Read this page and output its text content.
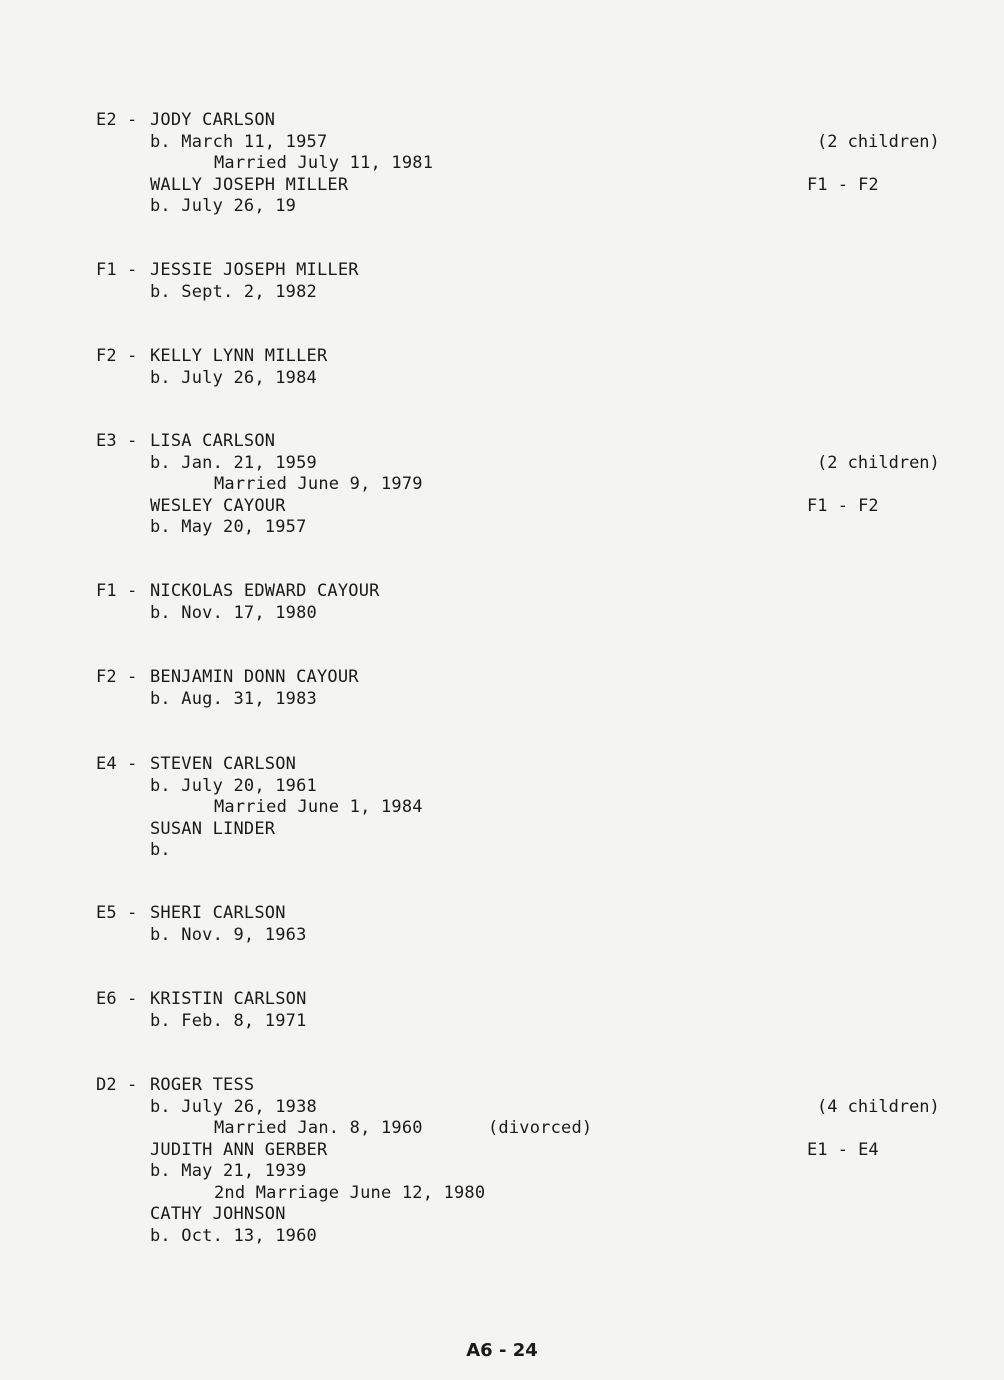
E2 - JODY CARLSON
b. March 11, 1957
Married July 11, 1981
WALLY JOSEPH MILLER
b. July 26, 19

(2 children)

F1 - F2

F1 - JESSIE JOSEPH MILLER
b. Sept. 2, 1982
F2 - KELLY LYNN MILLER
b. July 26, 1984
E3 - LISA CARLSON
b. Jan. 21, 1959
Married June 9, 1979
WESLEY CAYOUR
b. May 20, 1957

(2 children)

F1 - F2

F1 - NICKOLAS EDWARD CAYOUR
b. Nov. 17, 1980
F2 - BENJAMIN DONN CAYOUR
b. Aug. 31, 1983
E4 - STEVEN CARLSON
b. July 20, 1961
Married June 1, 1984
SUSAN LINDER
b.
E5 - SHERI CARLSON
b. Nov. 9, 1963
E6 - KRISTIN CARLSON
b. Feb. 8, 1971
D2 - ROGER TESS
b. July 26, 1938
Married Jan. 8, 1960	(divorced)
JUDITH ANN GERBER
b. May 21, 1939
2nd Marriage June 12, 1980
CATHY JOHNSON
b. Oct. 13, 1960

(4 children)

E1 - E4

A6 - 24
